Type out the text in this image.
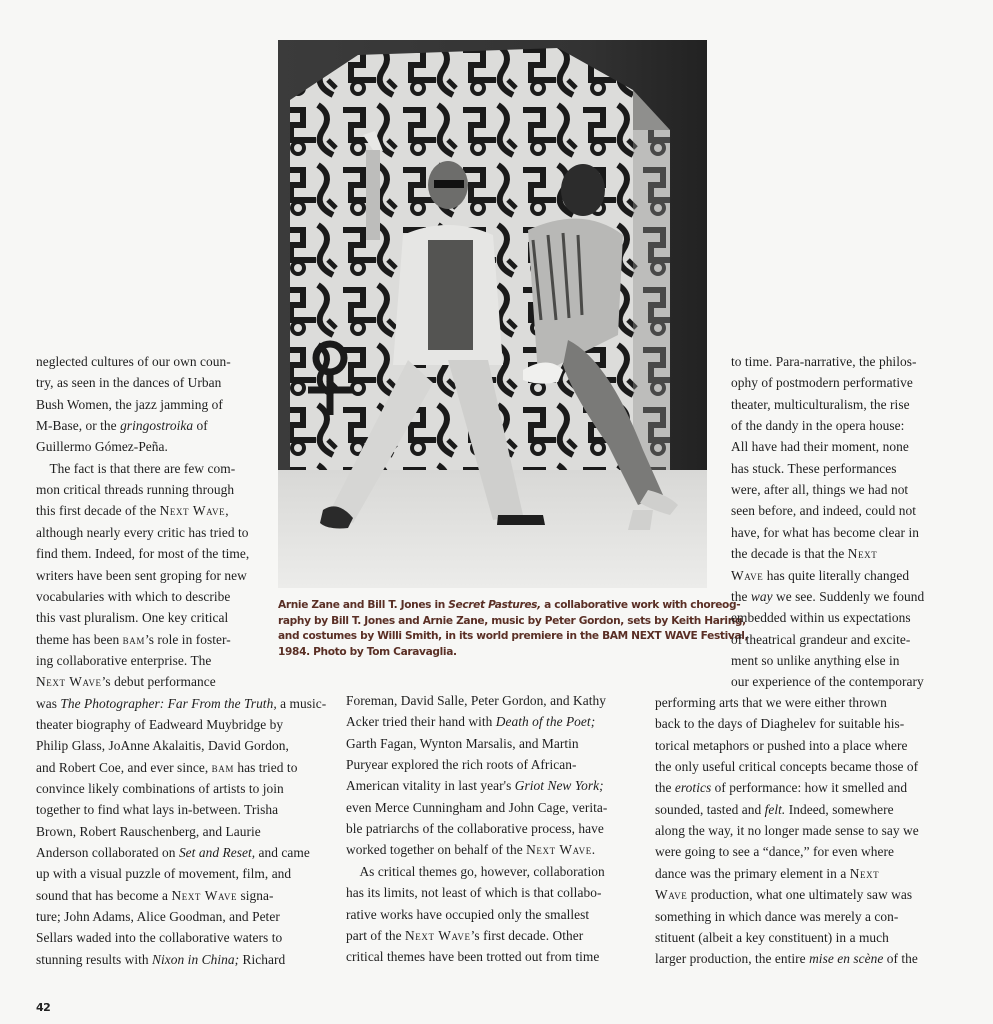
Arnie Zane and Bill T. Jones in Secret Pastures, a collaborative work with choreog-
raphy by Bill T. Jones and Arnie Zane, music by Peter Gordon, sets by Keith Haring,
and costumes by Willi Smith, in its world premiere in the BAM NEXT WAVE Festival,
1984. Photo by Tom Caravaglia.
neglected cultures of our own coun-
try, as seen in the dances of Urban
Bush Women, the jazz jamming of
M-Base, or the gringostroika of
Guillermo Gómez-Peña.
 The fact is that there are few com-
mon critical threads running through
this first decade of the Next Wave,
although nearly every critic has tried to
find them. Indeed, for most of the time,
writers have been sent groping for new
vocabularies with which to describe
this vast pluralism. One key critical
theme has been bam’s role in foster-
ing collaborative enterprise. The
Next Wave’s debut performance
was The Photographer: Far From the Truth, a music-
theater biography of Eadweard Muybridge by
Philip Glass, JoAnne Akalaitis, David Gordon,
and Robert Coe, and ever since, bam has tried to
convince likely combinations of artists to join
together to find what lays in-between. Trisha
Brown, Robert Rauschenberg, and Laurie
Anderson collaborated on Set and Reset, and came
up with a visual puzzle of movement, film, and
sound that has become a Next Wave signa-
ture; John Adams, Alice Goodman, and Peter
Sellars waded into the collaborative waters to
stunning results with Nixon in China; Richard
Foreman, David Salle, Peter Gordon, and Kathy
Acker tried their hand with Death of the Poet;
Garth Fagan, Wynton Marsalis, and Martin
Puryear explored the rich roots of African-
American vitality in last year's Griot New York;
even Merce Cunningham and John Cage, verita-
ble patriarchs of the collaborative process, have
worked together on behalf of the Next Wave.
 As critical themes go, however, collaboration
has its limits, not least of which is that collabo-
rative works have occupied only the smallest
part of the Next Wave’s first decade. Other
critical themes have been trotted out from time
to time. Para-narrative, the philos-
ophy of postmodern performative
theater, multiculturalism, the rise
of the dandy in the opera house:
All have had their moment, none
has stuck. These performances
were, after all, things we had not
seen before, and indeed, could not
have, for what has become clear in
the decade is that the Next
Wave has quite literally changed
the way we see. Suddenly we found
embedded within us expectations
of theatrical grandeur and excite-
ment so unlike anything else in
our experience of the contemporary
performing arts that we were either thrown
back to the days of Diaghelev for suitable his-
torical metaphors or pushed into a place where
the only useful critical concepts became those of
the erotics of performance: how it smelled and
sounded, tasted and felt. Indeed, somewhere
along the way, it no longer made sense to say we
were going to see a “dance,” for even where
dance was the primary element in a Next
Wave production, what one ultimately saw was
something in which dance was merely a con-
stituent (albeit a key constituent) in a much
larger production, the entire mise en scène of the
42
